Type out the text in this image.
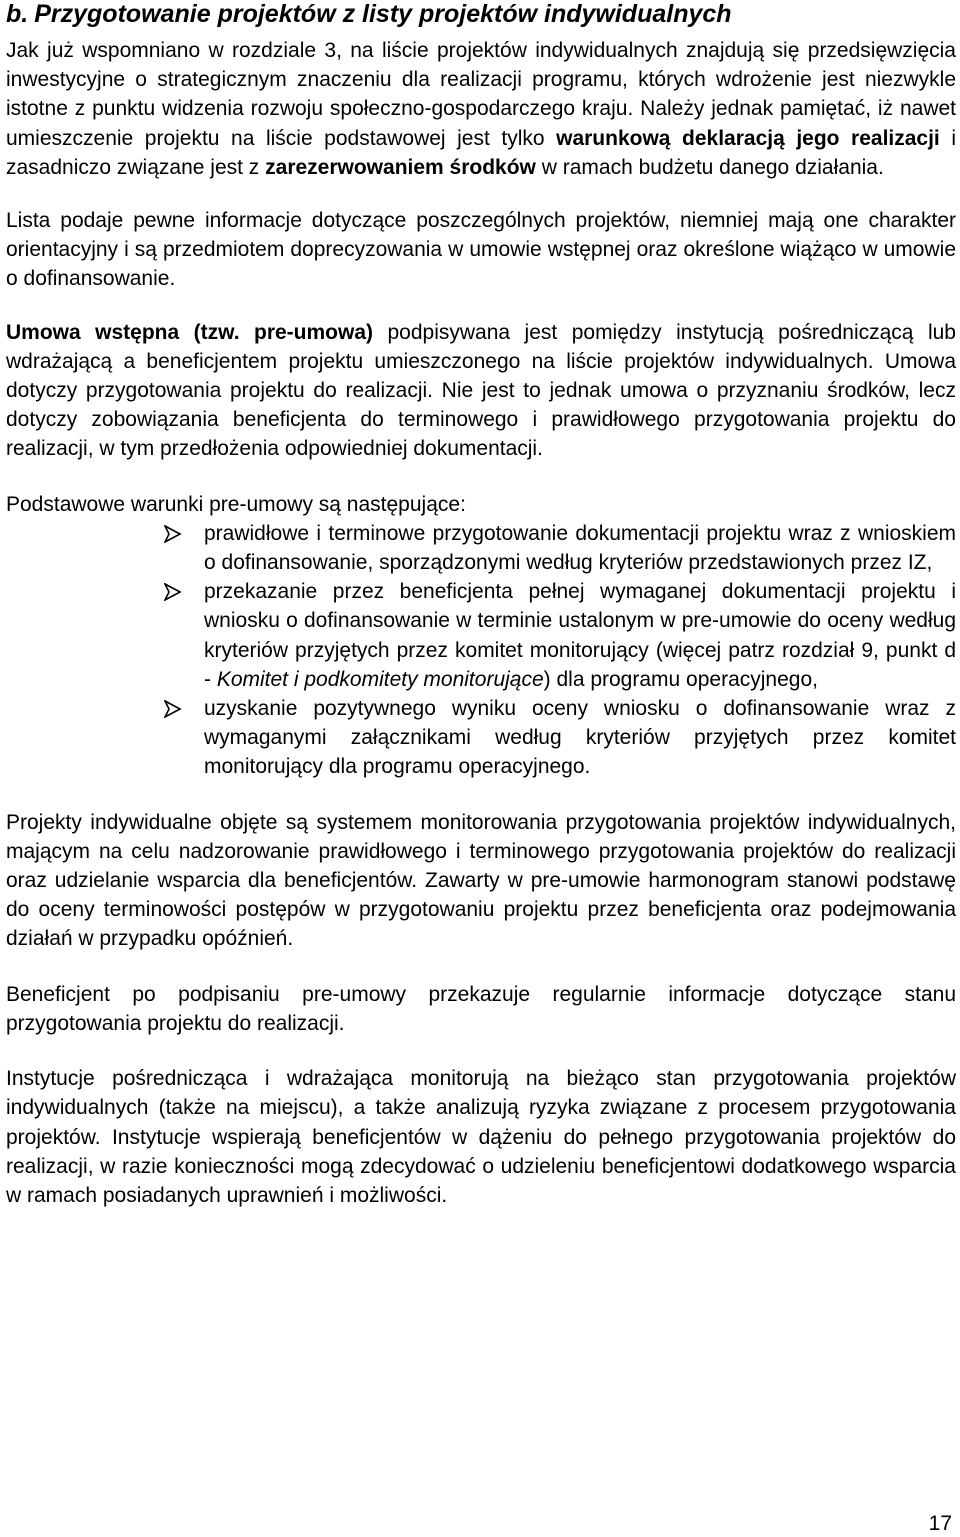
b. Przygotowanie projektów z listy projektów indywidualnych

Jak już wspomniano w rozdziale 3, na liście projektów indywidualnych znajdują się przedsięwzięcia inwestycyjne o strategicznym znaczeniu dla realizacji programu, których wdrożenie jest niezwykle istotne z punktu widzenia rozwoju społeczno-gospodarczego kraju. Należy jednak pamiętać, iż nawet umieszczenie projektu na liście podstawowej jest tylko warunkową deklaracją jego realizacji i zasadniczo związane jest z zarezerwowaniem środków w ramach budżetu danego działania.

Lista podaje pewne informacje dotyczące poszczególnych projektów, niemniej mają one charakter orientacyjny i są przedmiotem doprecyzowania w umowie wstępnej oraz określone wiążąco w umowie o dofinansowanie.

Umowa wstępna (tzw. pre-umowa) podpisywana jest pomiędzy instytucją pośredniczącą lub wdrażającą a beneficjentem projektu umieszczonego na liście projektów indywidualnych. Umowa dotyczy przygotowania projektu do realizacji. Nie jest to jednak umowa o przyznaniu środków, lecz dotyczy zobowiązania beneficjenta do terminowego i prawidłowego przygotowania projektu do realizacji, w tym przedłożenia odpowiedniej dokumentacji.

Podstawowe warunki pre-umowy są następujące:

prawidłowe i terminowe przygotowanie dokumentacji projektu wraz z wnioskiem o dofinansowanie, sporządzonymi według kryteriów przedstawionych przez IZ,
przekazanie przez beneficjenta pełnej wymaganej dokumentacji projektu i wniosku o dofinansowanie w terminie ustalonym w pre-umowie do oceny według kryteriów przyjętych przez komitet monitorujący (więcej patrz rozdział 9, punkt d - Komitet i podkomitety monitorujące) dla programu operacyjnego,
uzyskanie pozytywnego wyniku oceny wniosku o dofinansowanie wraz z wymaganymi załącznikami według kryteriów przyjętych przez komitet monitorujący dla programu operacyjnego.

Projekty indywidualne objęte są systemem monitorowania przygotowania projektów indywidualnych, mającym na celu nadzorowanie prawidłowego i terminowego przygotowania projektów do realizacji oraz udzielanie wsparcia dla beneficjentów. Zawarty w pre-umowie harmonogram stanowi podstawę do oceny terminowości postępów w przygotowaniu projektu przez beneficjenta oraz podejmowania działań w przypadku opóźnień.

Beneficjent po podpisaniu pre-umowy przekazuje regularnie informacje dotyczące stanu przygotowania projektu do realizacji.

Instytucje pośrednicząca i wdrażająca monitorują na bieżąco stan przygotowania projektów indywidualnych (także na miejscu), a także analizują ryzyka związane z procesem przygotowania projektów. Instytucje wspierają beneficjentów w dążeniu do pełnego przygotowania projektów do realizacji, w razie konieczności mogą zdecydować o udzieleniu beneficjentowi dodatkowego wsparcia w ramach posiadanych uprawnień i możliwości.

17
